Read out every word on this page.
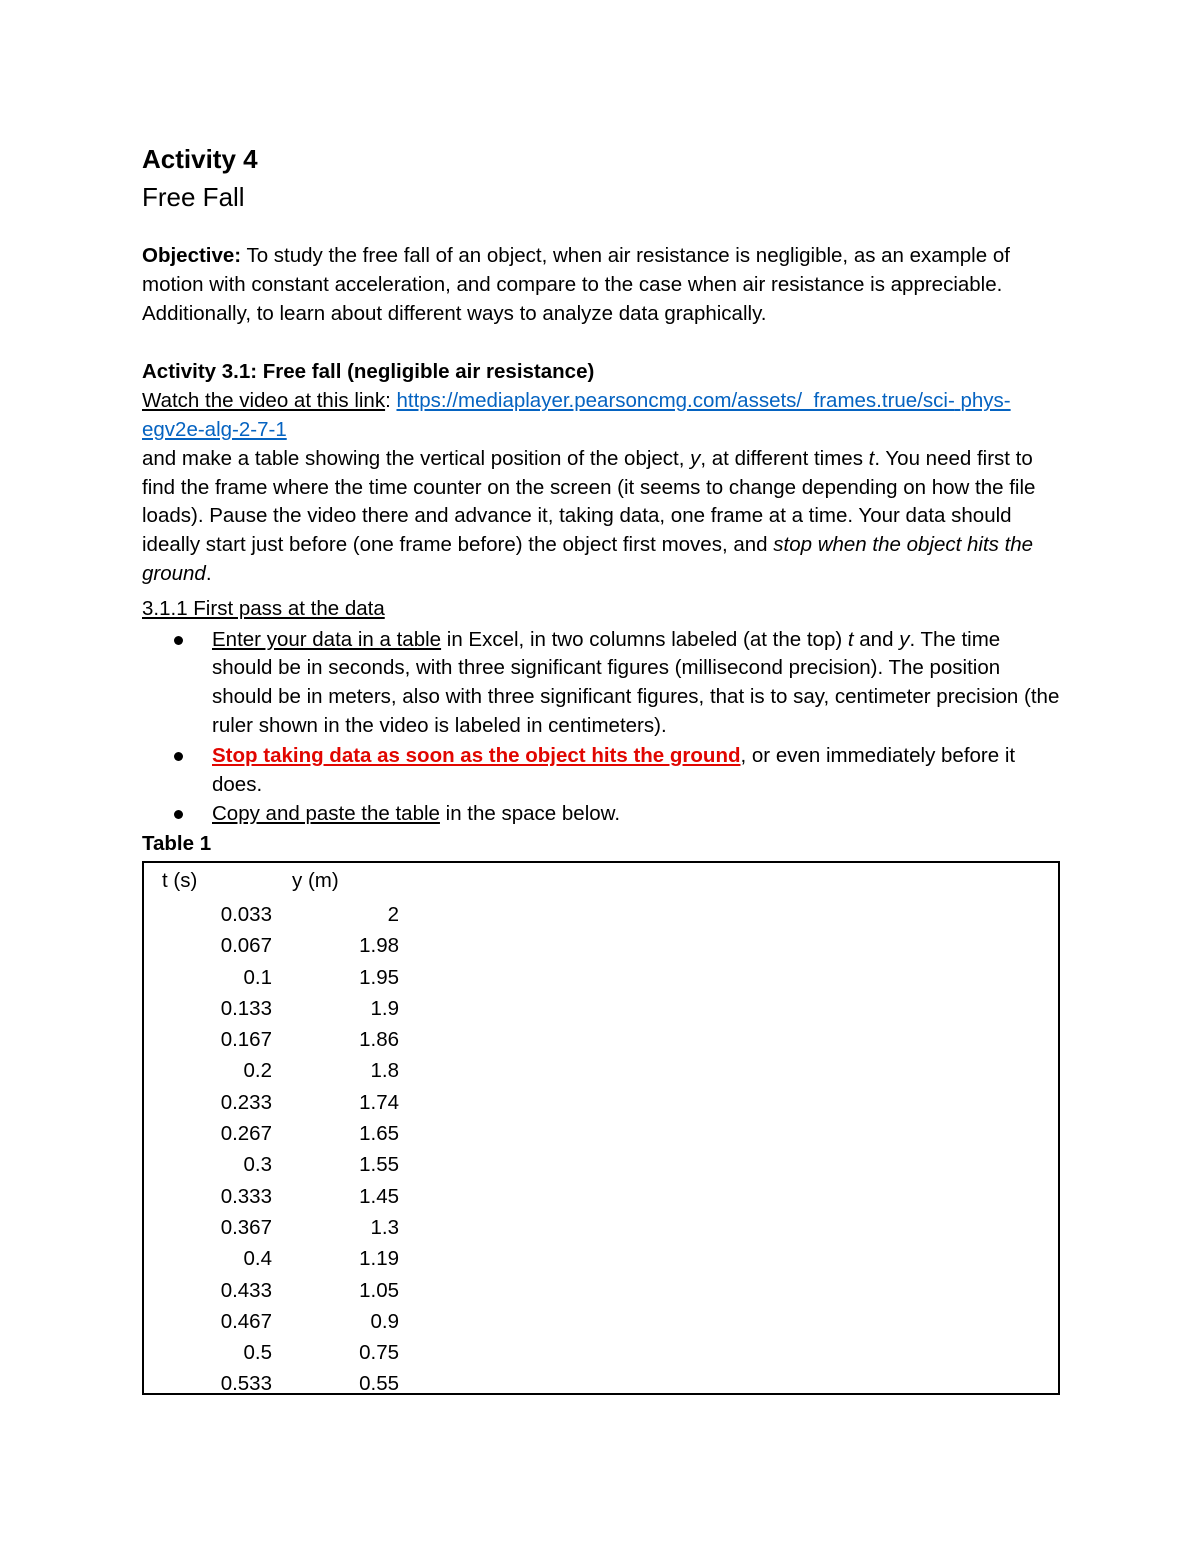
Activity 4
Free Fall

Objective: To study the free fall of an object, when air resistance is negligible, as an example of motion with constant acceleration, and compare to the case when air resistance is appreciable. Additionally, to learn about different ways to analyze data graphically.

Activity 3.1: Free fall (negligible air resistance)

Watch the video at this link: https://mediaplayer.pearsoncmg.com/assets/_frames.true/sci- phys-egv2e-alg-2-7-1
and make a table showing the vertical position of the object, y, at different times t. You need first to find the frame where the time counter on the screen (it seems to change depending on how the file loads). Pause the video there and advance it, taking data, one frame at a time. Your data should ideally start just before (one frame before) the object first moves, and stop when the object hits the ground.

3.1.1 First pass at the data

Enter your data in a table in Excel, in two columns labeled (at the top) t and y. The time should be in seconds, with three significant figures (millisecond precision). The position should be in meters, also with three significant figures, that is to say, centimeter precision (the ruler shown in the video is labeled in centimeters).
Stop taking data as soon as the object hits the ground, or even immediately before it does.
Copy and paste the table in the space below.

Table 1

t (s)	y (m)
0.033	2
0.067	1.98
0.1	1.95
0.133	1.9
0.167	1.86
0.2	1.8
0.233	1.74
0.267	1.65
0.3	1.55
0.333	1.45
0.367	1.3
0.4	1.19
0.433	1.05
0.467	0.9
0.5	0.75
0.533	0.55
